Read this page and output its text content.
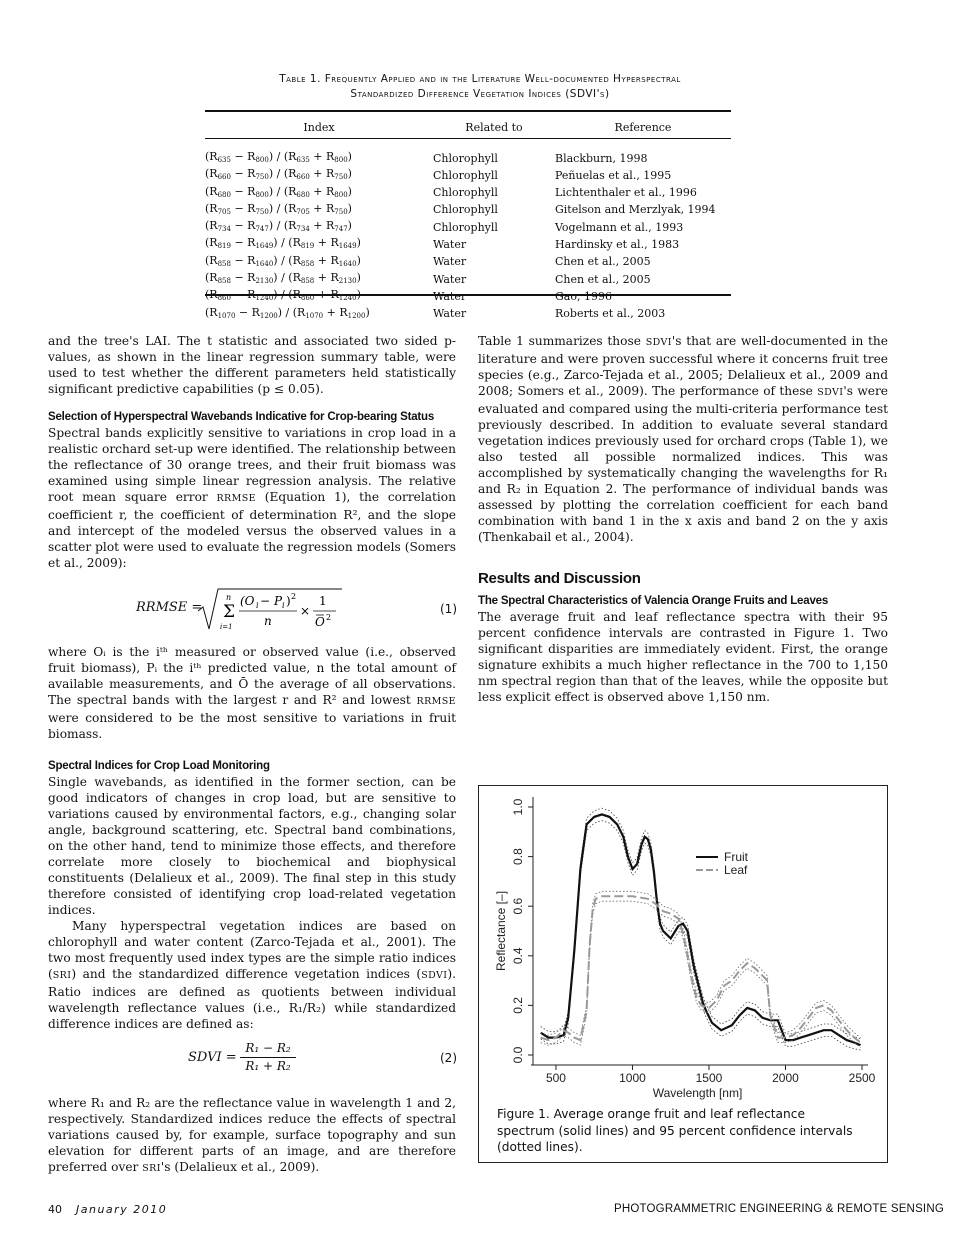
Table 1. Frequently Applied and in the Literature Well-documented Hyperspectral
Standardized Difference Vegetation Indices (SDVI's)
Index	Related to	Reference

$(R_{635} - R_{800}) / (R_{635} + R_{800})$	Chlorophyll	Blackburn, 1998
$(R_{660} - R_{750}) / (R_{660} + R_{750})$	Chlorophyll	Peñuelas et al., 1995
$(R_{680} - R_{800}) / (R_{680} + R_{800})$	Chlorophyll	Lichtenthaler et al., 1996
$(R_{705} - R_{750}) / (R_{705} + R_{750})$	Chlorophyll	Gitelson and Merzlyak, 1994
$(R_{734} - R_{747}) / (R_{734} + R_{747})$	Chlorophyll	Vogelmann et al., 1993
$(R_{819} - R_{1649}) / (R_{819} + R_{1649})$	Water	Hardinsky et al., 1983
$(R_{858} - R_{1640}) / (R_{858} + R_{1640})$	Water	Chen et al., 2005
$(R_{858} - R_{2130}) / (R_{858} + R_{2130})$	Water	Chen et al., 2005
$(R_{860} - R_{1240}) / (R_{860} + R_{1240})$	Water	Gao, 1996
$(R_{1070} - R_{1200}) / (R_{1070} + R_{1200})$	Water	Roberts et al., 2003

and the tree's LAI. The t statistic and associated two sided p-values, as shown in the linear regression summary table, were used to test whether the different parameters held statistically significant predictive capabilities (p ≤ 0.05).

Selection of Hyperspectral Wavebands Indicative for Crop-bearing Status

Spectral bands explicitly sensitive to variations in crop load in a realistic orchard set-up were identified. The relationship between the reflectance of 30 orange trees, and their fruit biomass was examined using simple linear regression analysis. The relative root mean square error RRMSE (Equation 1), the correlation coefficient r, the coefficient of determination R², and the slope and intercept of the modeled versus the observed values in a scatter plot were used to evaluate the regression models (Somers et al., 2009):

RRMSE =
n
Σ
i=1
(O i − P i ) 2
n
×
1
O 2
(1)

where Oᵢ is the iᵗʰ measured or observed value (i.e., observed fruit biomass), Pᵢ the iᵗʰ predicted value, n the total amount of available measurements, and Ō the average of all observations. The spectral bands with the largest r and R² and lowest RRMSE were considered to be the most sensitive to variations in fruit biomass.

Spectral Indices for Crop Load Monitoring

Single wavebands, as identified in the former section, can be good indicators of changes in crop load, but are sensitive to variations caused by environmental factors, e.g., changing solar angle, background scattering, etc. Spectral band combinations, on the other hand, tend to minimize those effects, and therefore correlate more closely to biochemical and biophysical constituents (Delalieux et al., 2009). The final step in this study therefore consisted of identifying crop load-related vegetation indices.

Many hyperspectral vegetation indices are based on chlorophyll and water content (Zarco-Tejada et al., 2001). The two most frequently used index types are the simple ratio indices (SRI) and the standardized difference vegetation indices (SDVI). Ratio indices are defined as quotients between individual wavelength reflectance values (i.e., R₁/R₂) while standardized difference indices are defined as:

SDVI = $\frac{\text{R₁ − R₂}}{\text{R₁ + R₂}}$	(2)

where R₁ and R₂ are the reflectance value in wavelength 1 and 2, respectively. Standardized indices reduce the effects of spectral variations caused by, for example, surface topography and sun elevation for different parts of an image, and are therefore preferred over SRI's (Delalieux et al., 2009).

Table 1 summarizes those SDVI's that are well-documented in the literature and were proven successful where it concerns fruit tree species (e.g., Zarco-Tejada et al., 2005; Delalieux et al., 2009 and 2008; Somers et al., 2009). The performance of these SDVI's were evaluated and compared using the multi-criteria performance test previously described. In addition to evaluate several standard vegetation indices previously used for orchard crops (Table 1), we also tested all possible normalized indices. This was accomplished by systematically changing the wavelengths for R₁ and R₂ in Equation 2. The performance of individual bands was assessed by plotting the correlation coefficient for each band combination with band 1 in the x axis and band 2 on the y axis (Thenkabail et al., 2004).

Results and Discussion

The Spectral Characteristics of Valencia Orange Fruits and Leaves

The average fruit and leaf reflectance spectra with their 95 percent confidence intervals are contrasted in Figure 1. Two significant disparities are immediately evident. First, the orange signature exhibits a much higher reflectance in the 700 to 1,150 nm spectral region than that of the leaves, while the opposite but less explicit effect is observed above 1,150 nm.

500	1000	1500	2000	2500
0.0
0.2
0.4
0.6
0.8
1.0
Wavelength [nm]
Reflectance [–]
Fruit
Leaf
Figure 1. Average orange fruit and leaf reflectance spectrum (solid lines) and 95 percent confidence intervals (dotted lines).
40 January 2010	PHOTOGRAMMETRIC ENGINEERING & REMOTE SENSING
